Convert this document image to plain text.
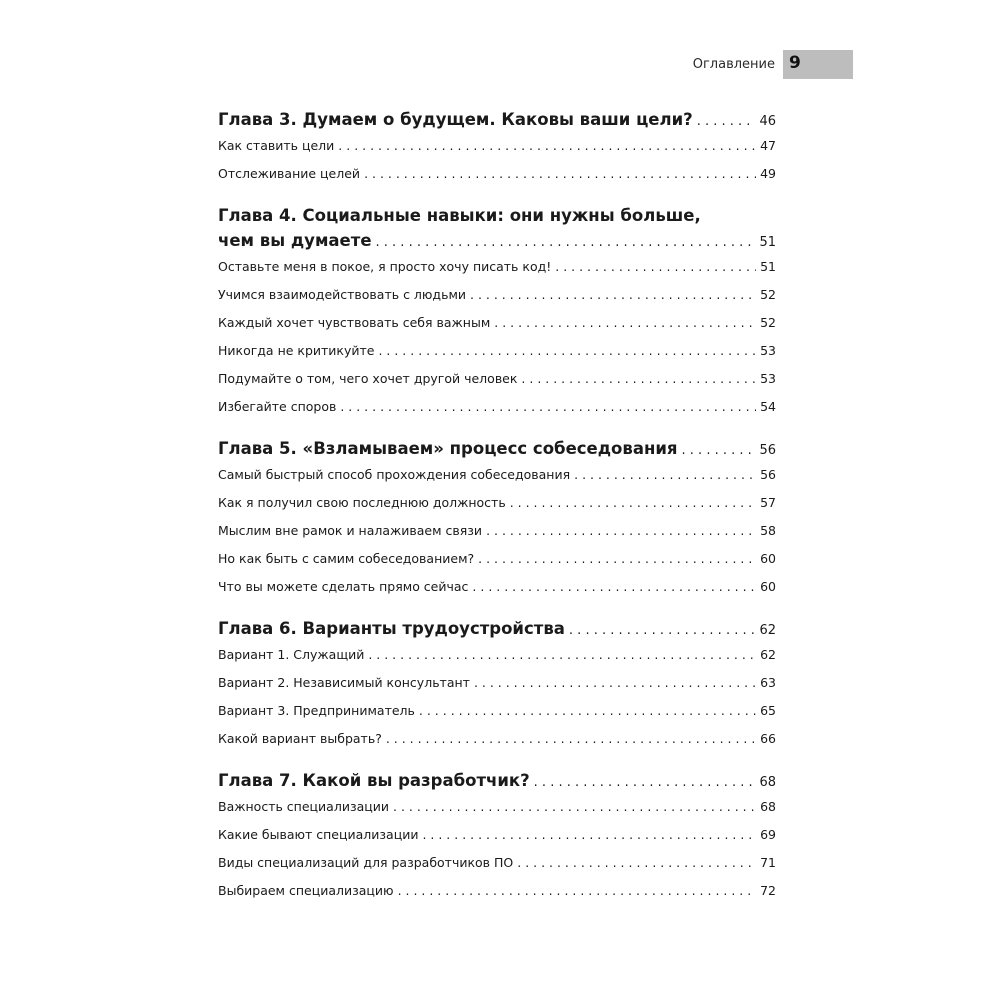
Оглавление 9
Глава 3. Думаем о будущем. Каковы ваши цели? . . .	46
Как ставить цели . . .	47
Отслеживание целей . . .	49
Глава 4. Социальные навыки: они нужны больше,
чем вы думаете . . .	51
Оставьте меня в покое, я просто хочу писать код! . . .	51
Учимся взаимодействовать с людьми . . .	52
Каждый хочет чувствовать себя важным . . .	52
Никогда не критикуйте . . .	53
Подумайте о том, чего хочет другой человек . . .	53
Избегайте споров . . .	54
Глава 5. «Взламываем» процесс собеседования . . .	56
Самый быстрый способ прохождения собеседования . . .	56
Как я получил свою последнюю должность . . .	57
Мыслим вне рамок и налаживаем связи . . .	58
Но как быть с самим собеседованием? . . .	60
Что вы можете сделать прямо сейчас . . .	60
Глава 6. Варианты трудоустройства . . .	62
Вариант 1. Служащий . . .	62
Вариант 2. Независимый консультант . . .	63
Вариант 3. Предприниматель . . .	65
Какой вариант выбрать? . . .	66
Глава 7. Какой вы разработчик? . . .	68
Важность специализации . . .	68
Какие бывают специализации . . .	69
Виды специализаций для разработчиков ПО . . .	71
Выбираем специализацию . . .	72
